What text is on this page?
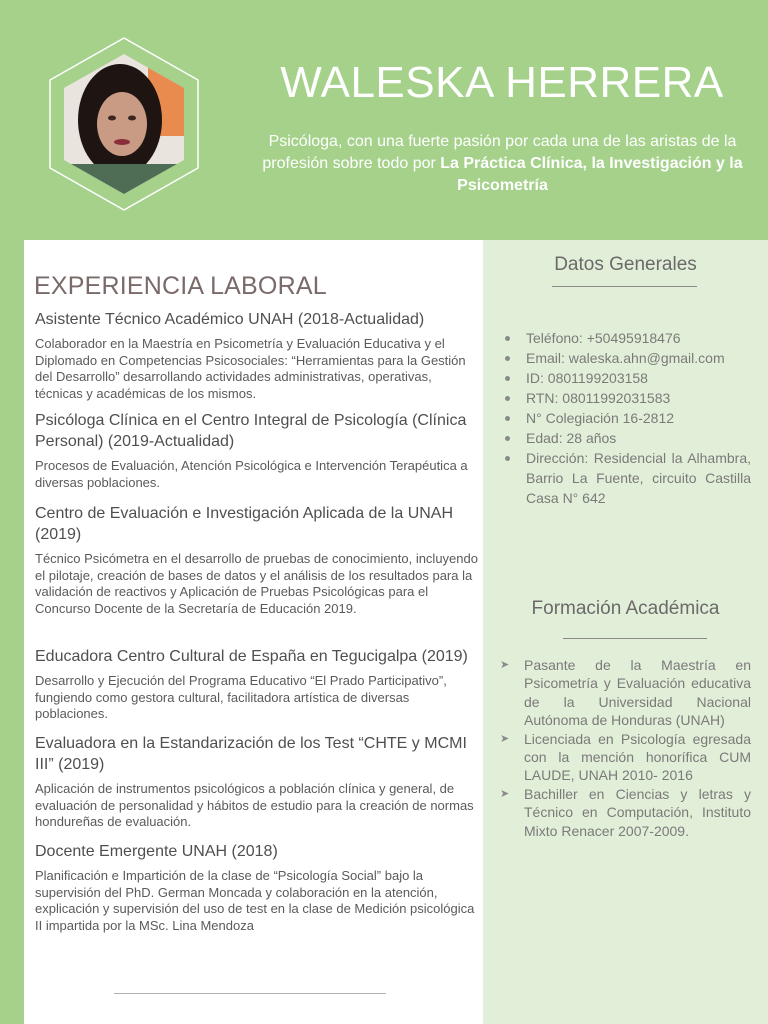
WALESKA HERRERA

Psicóloga, con una fuerte pasión por cada una de las aristas de la profesión sobre todo por La Práctica Clínica, la Investigación y la Psicometría

EXPERIENCIA LABORAL

Asistente Técnico Académico UNAH (2018-Actualidad)

Colaborador en la Maestría en Psicometría y Evaluación Educativa y el Diplomado en Competencias Psicosociales: “Herramientas para la Gestión del Desarrollo” desarrollando actividades administrativas, operativas, técnicas y académicas de los mismos.

Psicóloga Clínica en el Centro Integral de Psicología (Clínica Personal) (2019-Actualidad)

Procesos de Evaluación, Atención Psicológica e Intervención Terapéutica a diversas poblaciones.

Centro de Evaluación e Investigación Aplicada de la UNAH (2019)

Técnico Psicómetra en el desarrollo de pruebas de conocimiento, incluyendo el pilotaje, creación de bases de datos y el análisis de los resultados para la validación de reactivos y Aplicación de Pruebas Psicológicas para el Concurso Docente de la Secretaría de Educación 2019.

Educadora Centro Cultural de España en Tegucigalpa (2019)

Desarrollo y Ejecución del Programa Educativo “El Prado Participativo”, fungiendo como gestora cultural, facilitadora artística de diversas poblaciones.

Evaluadora en la Estandarización de los Test “CHTE y MCMI III” (2019)

Aplicación de instrumentos psicológicos a población clínica y general, de evaluación de personalidad y hábitos de estudio para la creación de normas hondureñas de evaluación.

Docente Emergente UNAH (2018)

Planificación e Impartición de la clase de “Psicología Social” bajo la supervisión del PhD. German Moncada y colaboración en la atención, explicación y supervisión del uso de test en la clase de Medición psicológica II impartida por la MSc. Lina Mendoza

Datos Generales
Teléfono: +50495918476
Email: waleska.ahn@gmail.com
ID: 0801199203158
RTN: 08011992031583
N° Colegiación 16-2812
Edad: 28 años
Dirección: Residencial la Alhambra, Barrio La Fuente, circuito Castilla Casa N° 642
Formación Académica
➤ Pasante de la Maestría en Psicometría y Evaluación educativa de la Universidad Nacional Autónoma de Honduras (UNAH)
➤ Licenciada en Psicología egresada con la mención honorífica CUM LAUDE, UNAH 2010- 2016
➤ Bachiller en Ciencias y letras y Técnico en Computación, Instituto Mixto Renacer 2007-2009.
